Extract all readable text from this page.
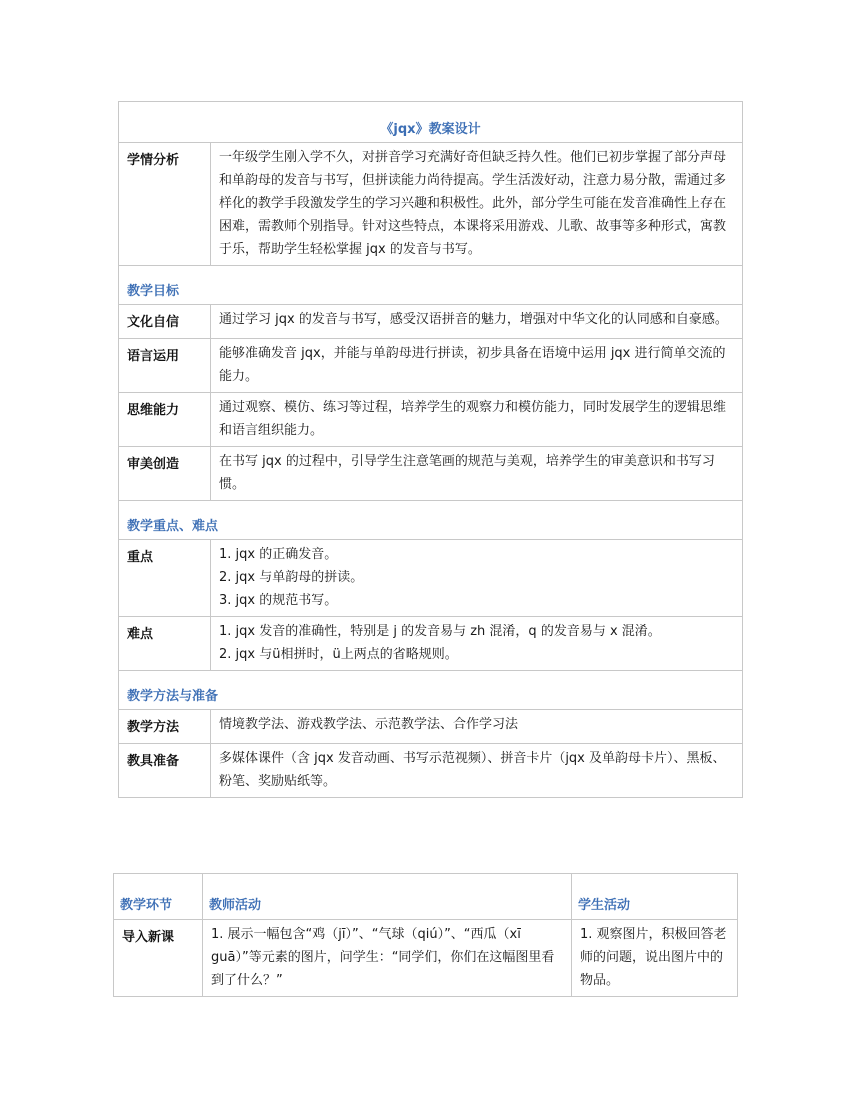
《jqx》教案设计	
学情分析	一年级学生刚入学不久，对拼音学习充满好奇但缺乏持久性。他们已初步掌握了部分声母和单韵母的发音与书写，但拼读能力尚待提高。学生活泼好动，注意力易分散，需通过多样化的教学手段激发学生的学习兴趣和积极性。此外，部分学生可能在发音准确性上存在困难，需教师个别指导。针对这些特点，本课将采用游戏、儿歌、故事等多种形式，寓教于乐，帮助学生轻松掌握 jqx 的发音与书写。

教学目标	

文化自信	通过学习 jqx 的发音与书写，感受汉语拼音的魅力，增强对中华文化的认同感和自豪感。
语言运用	能够准确发音 jqx，并能与单韵母进行拼读，初步具备在语境中运用 jqx 进行简单交流的能力。
思维能力	通过观察、模仿、练习等过程，培养学生的观察力和模仿能力，同时发展学生的逻辑思维和语言组织能力。
审美创造	在书写 jqx 的过程中，引导学生注意笔画的规范与美观，培养学生的审美意识和书写习惯。

教学重点、难点	

重点	1. jqx 的正确发音。
2. jqx 与单韵母的拼读。
3. jqx 的规范书写。

难点	1. jqx 发音的准确性，特别是 j 的发音易与 zh 混淆，q 的发音易与 x 混淆。
2. jqx 与ü相拼时，ü上两点的省略规则。

教学方法与准备	

教学方法	情境教学法、游戏教学法、示范教学法、合作学习法
教具准备	多媒体课件（含 jqx 发音动画、书写示范视频）、拼音卡片（jqx 及单韵母卡片）、黑板、粉笔、奖励贴纸等。
教学环节	教师活动	学生活动
导入新课	1. 展示一幅包含“鸡（jī）”、“气球（qiú）”、“西瓜（xī guā）”等元素的图片，问学生：“同学们，你们在这幅图里看到了什么？”	1. 观察图片，积极回答老师的问题，说出图片中的物品。
